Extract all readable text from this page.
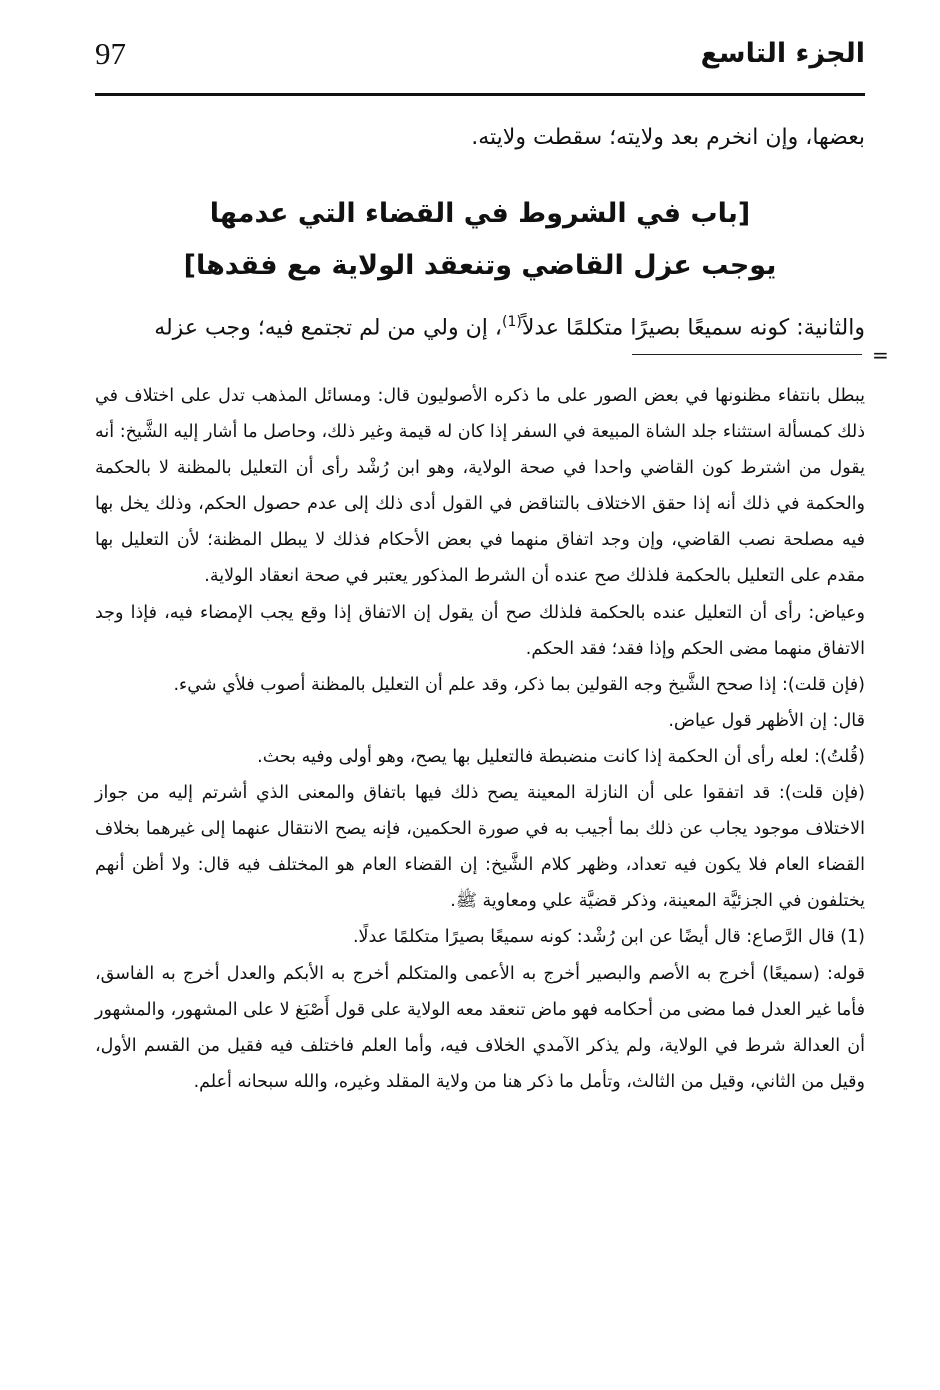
97	الجزء التاسع

بعضها، وإن انخرم بعد ولايته؛ سقطت ولايته.

[باب في الشروط في القضاء التي عدمها
يوجب عزل القاضي وتنعقد الولاية مع فقدها]

والثانية: كونه سميعًا بصيرًا متكلمًا عدلاً$^{(1)}$، إن ولي من لم تجتمع فيه؛ وجب عزله

=

يبطل بانتفاء مظنونها في بعض الصور على ما ذكره الأصوليون قال: ومسائل المذهب تدل على اختلاف في ذلك كمسألة استثناء جلد الشاة المبيعة في السفر إذا كان له قيمة وغير ذلك، وحاصل ما أشار إليه الشَّيخ: أنه يقول من اشترط كون القاضي واحدا في صحة الولاية، وهو ابن رُشْد رأى أن التعليل بالمظنة لا بالحكمة والحكمة في ذلك أنه إذا حقق الاختلاف بالتناقض في القول أدى ذلك إلى عدم حصول الحكم، وذلك يخل بها فيه مصلحة نصب القاضي، وإن وجد اتفاق منهما في بعض الأحكام فذلك لا يبطل المظنة؛ لأن التعليل بها مقدم على التعليل بالحكمة فلذلك صح عنده أن الشرط المذكور يعتبر في صحة انعقاد الولاية.

وعياض: رأى أن التعليل عنده بالحكمة فلذلك صح أن يقول إن الاتفاق إذا وقع يجب الإمضاء فيه، فإذا وجد الاتفاق منهما مضى الحكم وإذا فقد؛ فقد الحكم.

(فإن قلت): إذا صحح الشَّيخ وجه القولين بما ذكر، وقد علم أن التعليل بالمظنة أصوب فلأي شيء.

قال: إن الأظهر قول عياض.

(قُلتُ): لعله رأى أن الحكمة إذا كانت منضبطة فالتعليل بها يصح، وهو أولى وفيه بحث.

(فإن قلت): قد اتفقوا على أن النازلة المعينة يصح ذلك فيها باتفاق والمعنى الذي أشرتم إليه من جواز الاختلاف موجود يجاب عن ذلك بما أجيب به في صورة الحكمين، فإنه يصح الانتقال عنهما إلى غيرهما بخلاف القضاء العام فلا يكون فيه تعداد، وظهر كلام الشَّيخ: إن القضاء العام هو المختلف فيه قال: ولا أظن أنهم يختلفون في الجزئيَّة المعينة، وذكر قضيَّة علي ومعاوية ﷺ.

(1) قال الرَّصاع: قال أيضًا عن ابن رُشْد: كونه سميعًا بصيرًا متكلمًا عدلًا.

قوله: (سميعًا) أخرج به الأصم والبصير أخرج به الأعمى والمتكلم أخرج به الأبكم والعدل أخرج به الفاسق، فأما غير العدل فما مضى من أحكامه فهو ماض تنعقد معه الولاية على قول أَصْبَغ لا على المشهور، والمشهور أن العدالة شرط في الولاية، ولم يذكر الآمدي الخلاف فيه، وأما العلم فاختلف فيه فقيل من القسم الأول، وقيل من الثاني، وقيل من الثالث، وتأمل ما ذكر هنا من ولاية المقلد وغيره، والله سبحانه أعلم.
